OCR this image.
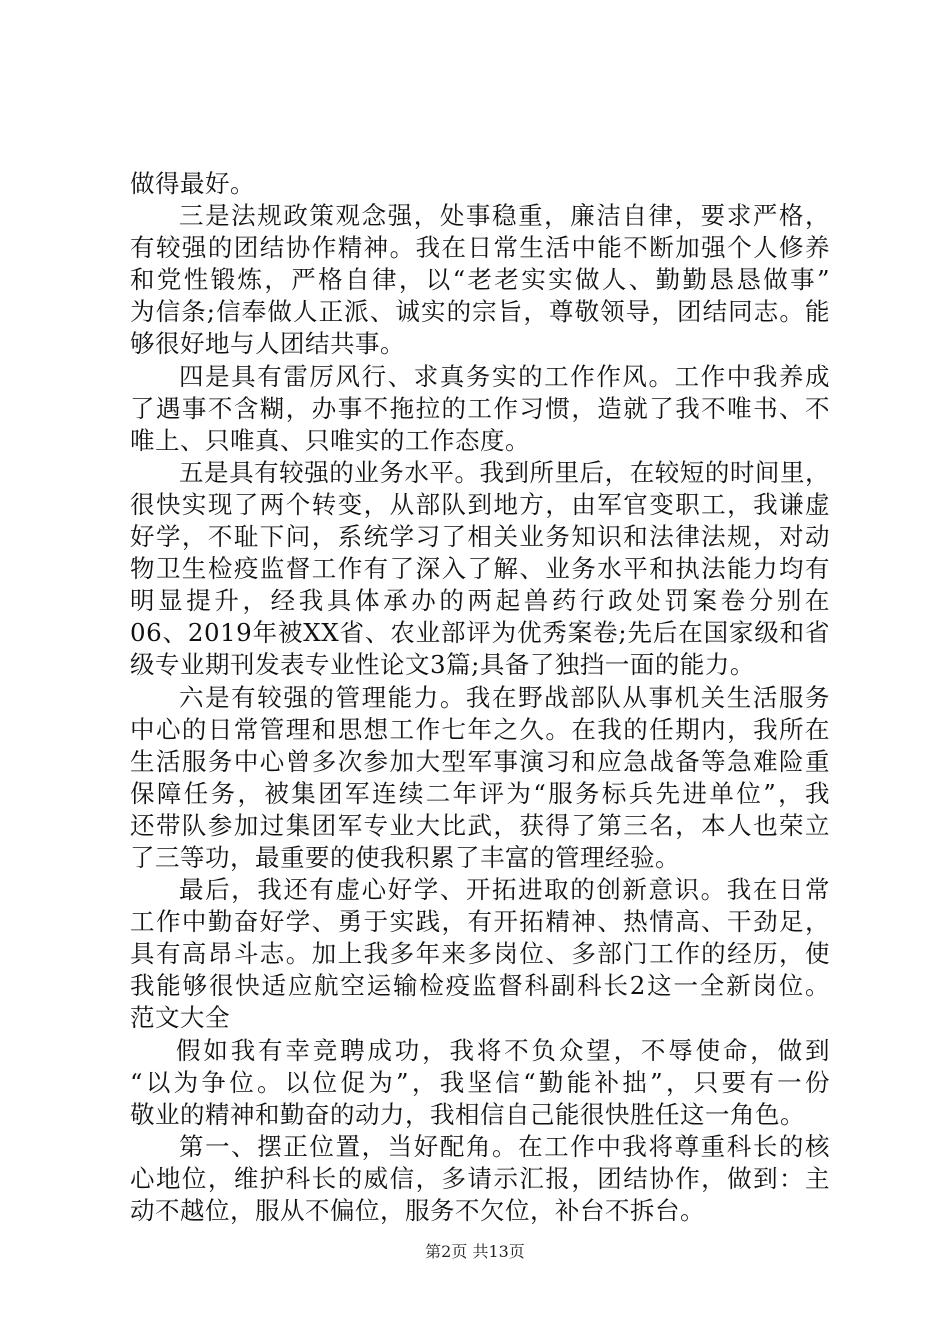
做得最好。
三是法规政策观念强，处事稳重，廉洁自律，要求严格，
有较强的团结协作精神。我在日常生活中能不断加强个人修养
和党性锻炼，严格自律，以“老老实实做人、勤勤恳恳做事”
为信条;信奉做人正派、诚实的宗旨，尊敬领导，团结同志。能
够很好地与人团结共事。
四是具有雷厉风行、求真务实的工作作风。工作中我养成
了遇事不含糊，办事不拖拉的工作习惯，造就了我不唯书、不
唯上、只唯真、只唯实的工作态度。
五是具有较强的业务水平。我到所里后，在较短的时间里，
很快实现了两个转变，从部队到地方，由军官变职工，我谦虚
好学，不耻下问，系统学习了相关业务知识和法律法规，对动
物卫生检疫监督工作有了深入了解、业务水平和执法能力均有
明显提升，经我具体承办的两起兽药行政处罚案卷分别在
06、2019年被XX省、农业部评为优秀案卷;先后在国家级和省
级专业期刊发表专业性论文3篇;具备了独挡一面的能力。
六是有较强的管理能力。我在野战部队从事机关生活服务
中心的日常管理和思想工作七年之久。在我的任期内，我所在
生活服务中心曾多次参加大型军事演习和应急战备等急难险重
保障任务，被集团军连续二年评为“服务标兵先进单位”，我
还带队参加过集团军专业大比武，获得了第三名，本人也荣立
了三等功，最重要的使我积累了丰富的管理经验。
最后，我还有虚心好学、开拓进取的创新意识。我在日常
工作中勤奋好学、勇于实践，有开拓精神、热情高、干劲足，
具有高昂斗志。加上我多年来多岗位、多部门工作的经历，使
我能够很快适应航空运输检疫监督科副科长2这一全新岗位。
范文大全
假如我有幸竞聘成功，我将不负众望，不辱使命，做到
“以为争位。以位促为”，我坚信“勤能补拙”，只要有一份
敬业的精神和勤奋的动力，我相信自己能很快胜任这一角色。
第一、摆正位置，当好配角。在工作中我将尊重科长的核
心地位，维护科长的威信，多请示汇报，团结协作，做到：主
动不越位，服从不偏位，服务不欠位，补台不拆台。
第2页 共13页
